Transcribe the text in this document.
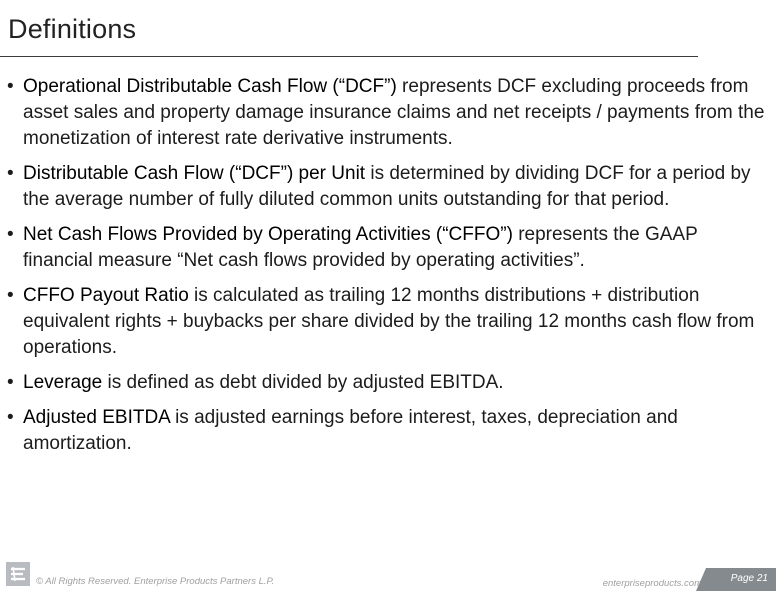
Definitions
• Operational Distributable Cash Flow (“DCF”) represents DCF excluding proceeds from asset sales and property damage insurance claims and net receipts / payments from the monetization of interest rate derivative instruments.
• Distributable Cash Flow (“DCF”) per Unit is determined by dividing DCF for a period by the average number of fully diluted common units outstanding for that period.
• Net Cash Flows Provided by Operating Activities (“CFFO”) represents the GAAP financial measure “Net cash flows provided by operating activities”.
• CFFO Payout Ratio is calculated as trailing 12 months distributions + distribution equivalent rights + buybacks per share divided by the trailing 12 months cash flow from operations.
• Leverage is defined as debt divided by adjusted EBITDA.
• Adjusted EBITDA is adjusted earnings before interest, taxes, depreciation and amortization.
© All Rights Reserved. Enterprise Products Partners L.P.	enterpriseproducts.com	Page 21
